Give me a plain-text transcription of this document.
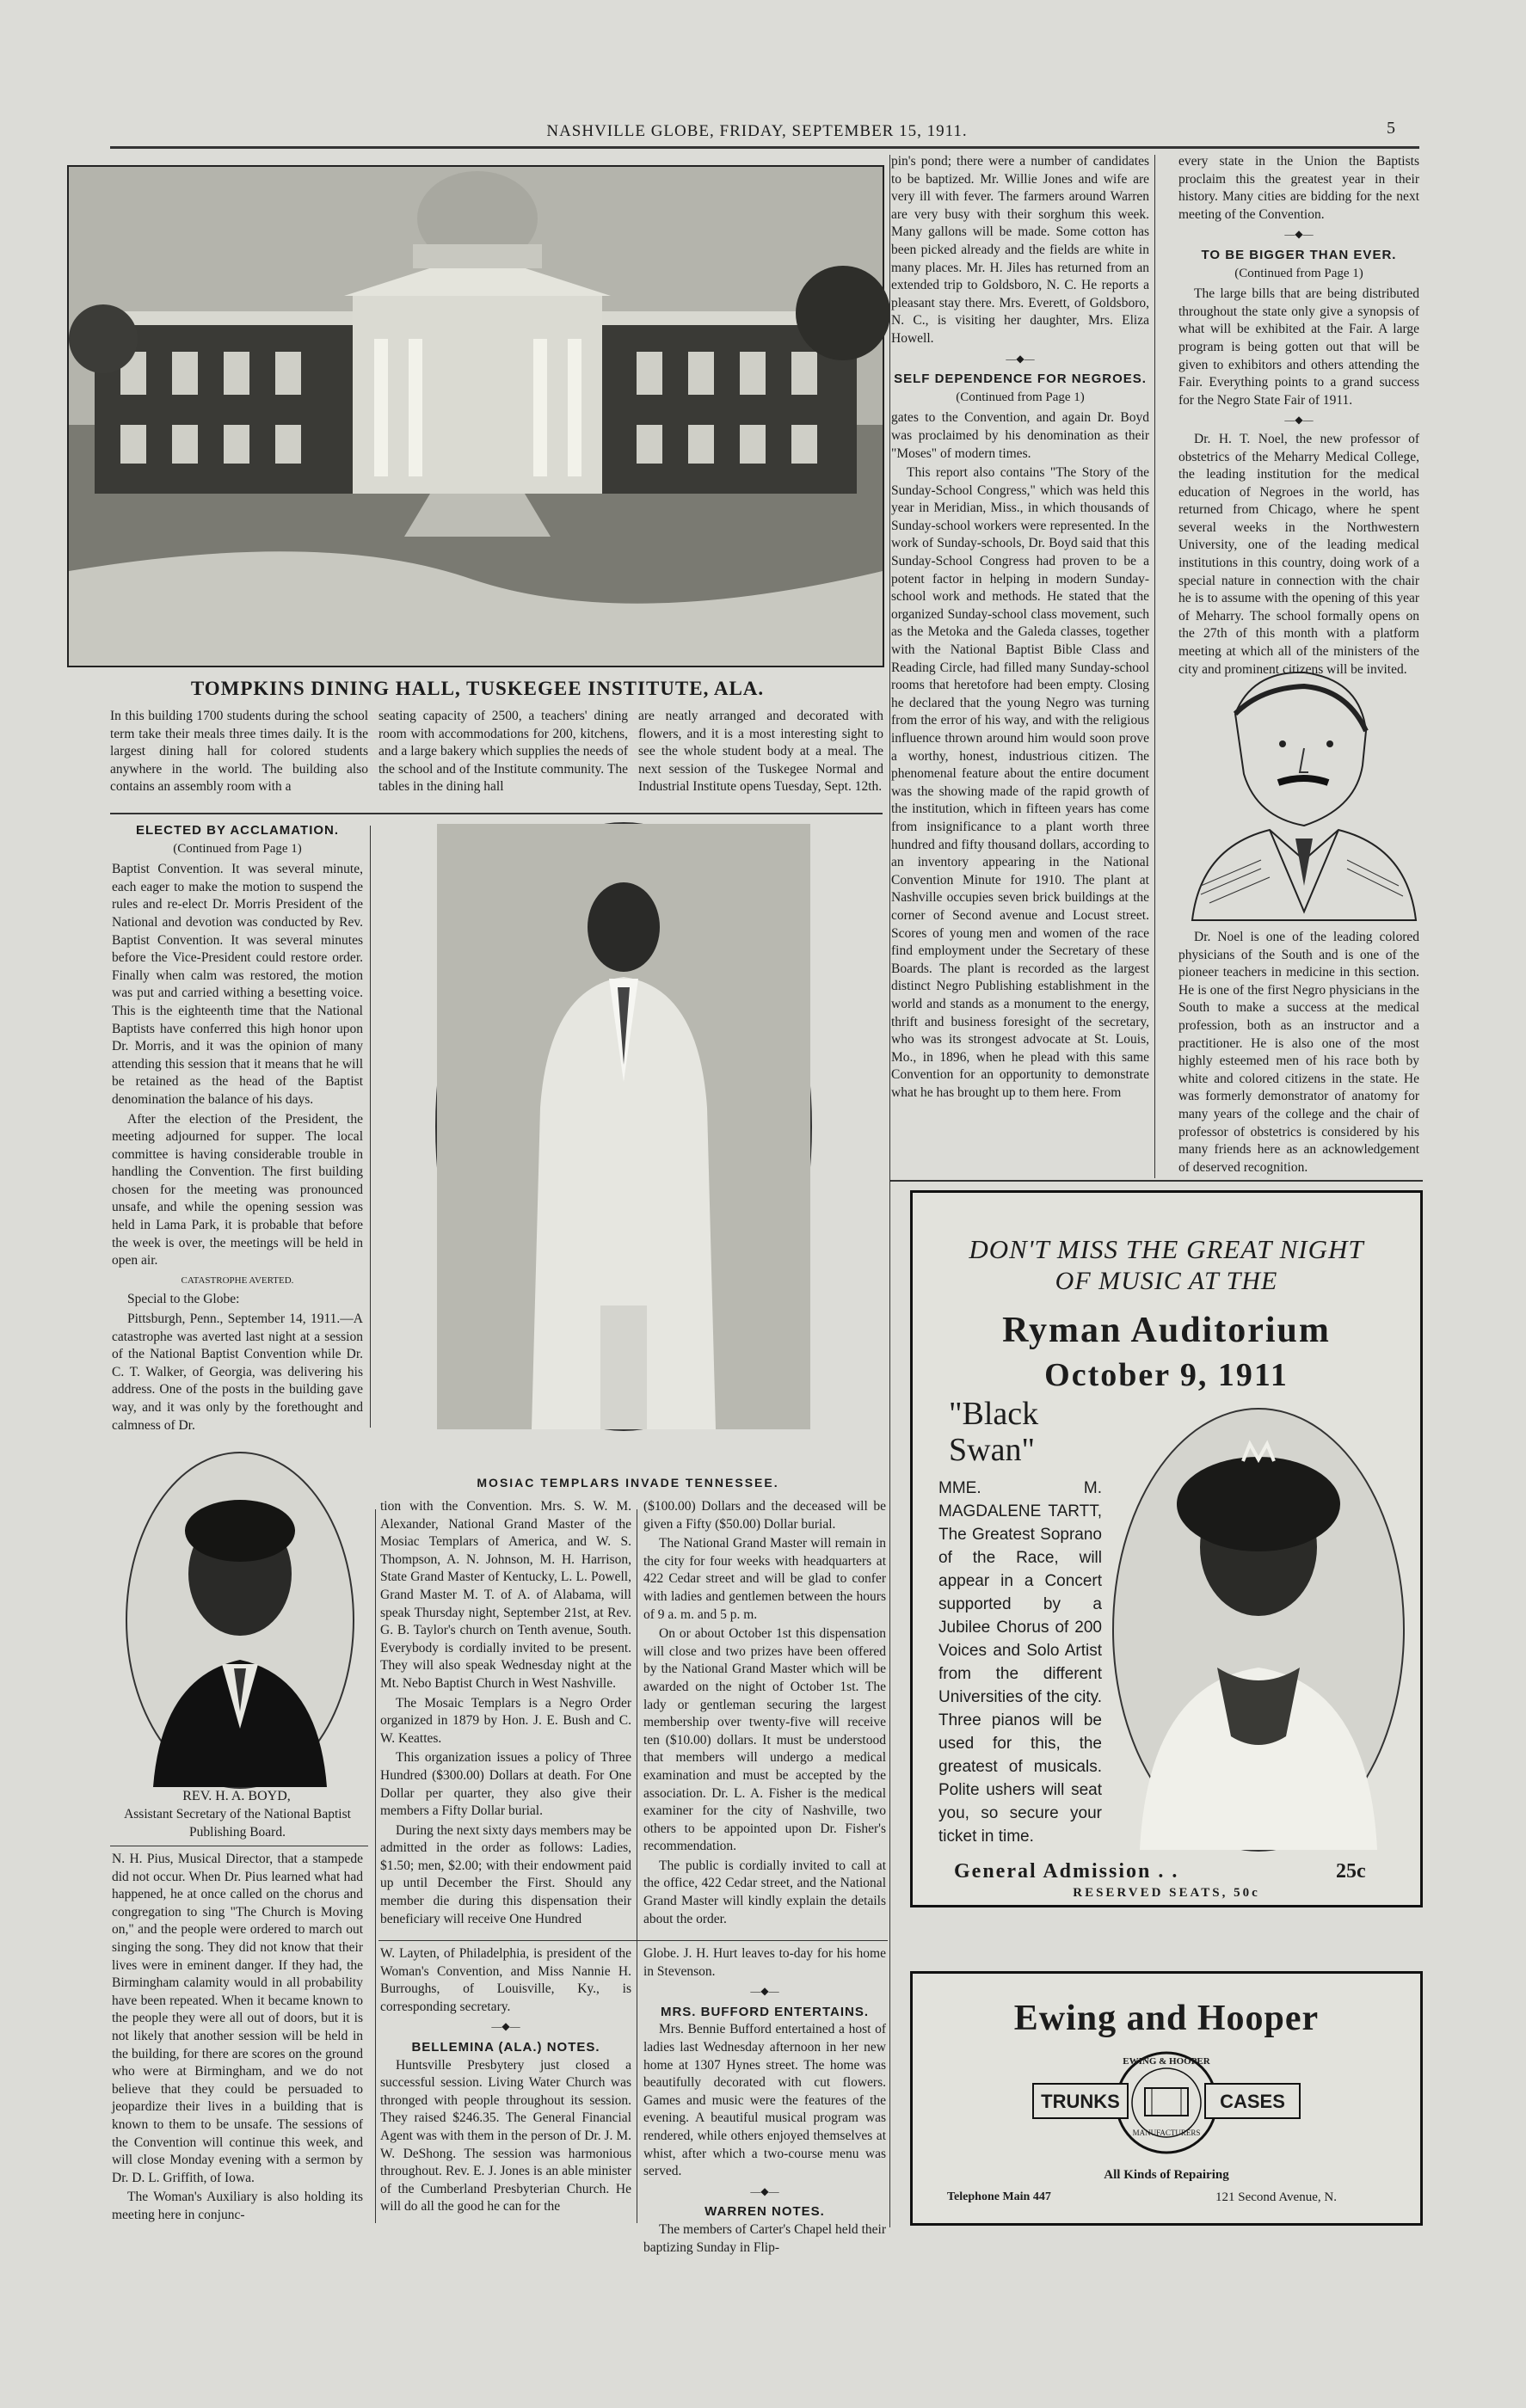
NASHVILLE GLOBE, FRIDAY, SEPTEMBER 15, 1911.	5
TOMPKINS DINING HALL, TUSKEGEE INSTITUTE, ALA.
In this building 1700 students during the school term take their meals three times daily. It is the largest dining hall for colored students anywhere in the world. The building also contains an assembly room with a
seating capacity of 2500, a teachers' dining room with accommodations for 200, kitchens, and a large bakery which supplies the needs of the school and of the Institute community. The tables in the dining hall
are neatly arranged and decorated with flowers, and it is a most interesting sight to see the whole student body at a meal. The next session of the Tuskegee Normal and Industrial Institute opens Tuesday, Sept. 12th.
ELECTED BY ACCLAMATION.
(Continued from Page 1)

Baptist Convention. It was several minute, each eager to make the motion to suspend the rules and re-elect Dr. Morris President of the National and devotion was conducted by Rev. Baptist Convention. It was several minutes before the Vice-President could restore order. Finally when calm was restored, the motion was put and carried withing a besetting voice. This is the eighteenth time that the National Baptists have conferred this high honor upon Dr. Morris, and it was the opinion of many attending this session that it means that he will be retained as the head of the Baptist denomination the balance of his days.

After the election of the President, the meeting adjourned for supper. The local committee is having considerable trouble in handling the Convention. The first building chosen for the meeting was pronounced unsafe, and while the opening session was held in Lama Park, it is probable that before the week is over, the meetings will be held in open air.

CATASTROPHE AVERTED.

Special to the Globe:

Pittsburgh, Penn., September 14, 1911.—A catastrophe was averted last night at a session of the National Baptist Convention while Dr. C. T. Walker, of Georgia, was delivering his address. One of the posts in the building gave way, and it was only by the forethought and calmness of Dr.

REV. H. A. BOYD,
Assistant Secretary of the National Baptist Publishing Board.

N. H. Pius, Musical Director, that a stampede did not occur. When Dr. Pius learned what had happened, he at once called on the chorus and congregation to sing "The Church is Moving on," and the people were ordered to march out singing the song. They did not know that their lives were in eminent danger. If they had, the Birmingham calamity would in all probability have been repeated. When it became known to the people they were all out of doors, but it is not likely that another session will be held in the building, for there are scores on the ground who were at Birmingham, and we do not believe that they could be persuaded to jeopardize their lives in a building that is known to them to be unsafe. The sessions of the Convention will continue this week, and will close Monday evening with a sermon by Dr. D. L. Griffith, of Iowa.

The Woman's Auxiliary is also holding its meeting here in conjunc-

MOSIAC TEMPLARS INVADE TENNESSEE.

tion with the Convention. Mrs. S. W. M. Alexander, National Grand Master of the Mosiac Templars of America, and W. S. Thompson, A. N. Johnson, M. H. Harrison, State Grand Master of Kentucky, L. L. Powell, Grand Master M. T. of A. of Alabama, will speak Thursday night, September 21st, at Rev. G. B. Taylor's church on Tenth avenue, South. Everybody is cordially invited to be present. They will also speak Wednesday night at the Mt. Nebo Baptist Church in West Nashville.

The Mosaic Templars is a Negro Order organized in 1879 by Hon. J. E. Bush and C. W. Keattes.

This organization issues a policy of Three Hundred ($300.00) Dollars at death. For One Dollar per quarter, they also give their members a Fifty Dollar burial.

During the next sixty days members may be admitted in the order as follows: Ladies, $1.50; men, $2.00; with their endowment paid up until December the First. Should any member die during this dispensation their beneficiary will receive One Hundred

($100.00) Dollars and the deceased will be given a Fifty ($50.00) Dollar burial.

The National Grand Master will remain in the city for four weeks with headquarters at 422 Cedar street and will be glad to confer with ladies and gentlemen between the hours of 9 a. m. and 5 p. m.

On or about October 1st this dispensation will close and two prizes have been offered by the National Grand Master which will be awarded on the night of October 1st. The lady or gentleman securing the largest membership over twenty-five will receive ten ($10.00) dollars. It must be understood that members will undergo a medical examination and must be accepted by the association. Dr. L. A. Fisher is the medical examiner for the city of Nashville, two others to be appointed upon Dr. Fisher's recommendation.

The public is cordially invited to call at the office, 422 Cedar street, and the National Grand Master will kindly explain the details about the order.

W. Layten, of Philadelphia, is president of the Woman's Convention, and Miss Nannie H. Burroughs, of Louisville, Ky., is corresponding secretary.

—◆—
BELLEMINA (ALA.) NOTES.

Huntsville Presbytery just closed a successful session. Living Water Church was thronged with people throughout its session. They raised $246.35. The General Financial Agent was with them in the person of Dr. J. M. W. DeShong. The session was harmonious throughout. Rev. E. J. Jones is an able minister of the Cumberland Presbyterian Church. He will do all the good he can for the

Globe. J. H. Hurt leaves to-day for his home in Stevenson.

—◆—
MRS. BUFFORD ENTERTAINS.

Mrs. Bennie Bufford entertained a host of ladies last Wednesday afternoon in her new home at 1307 Hynes street. The home was beautifully decorated with cut flowers. Games and music were the features of the evening. A beautiful musical program was rendered, while others enjoyed themselves at whist, after which a two-course menu was served.

—◆—
WARREN NOTES.

The members of Carter's Chapel held their baptizing Sunday in Flip-

pin's pond; there were a number of candidates to be baptized. Mr. Willie Jones and wife are very ill with fever. The farmers around Warren are very busy with their sorghum this week. Many gallons will be made. Some cotton has been picked already and the fields are white in many places. Mr. H. Jiles has returned from an extended trip to Goldsboro, N. C. He reports a pleasant stay there. Mrs. Everett, of Goldsboro, N. C., is visiting her daughter, Mrs. Eliza Howell.

—◆—
SELF DEPENDENCE FOR NEGROES.
(Continued from Page 1)

gates to the Convention, and again Dr. Boyd was proclaimed by his denomination as their "Moses" of modern times.

This report also contains "The Story of the Sunday-School Congress," which was held this year in Meridian, Miss., in which thousands of Sunday-school workers were represented. In the work of Sunday-schools, Dr. Boyd said that this Sunday-School Congress had proven to be a potent factor in helping in modern Sunday-school work and methods. He stated that the organized Sunday-school class movement, such as the Metoka and the Galeda classes, together with the National Baptist Bible Class and Reading Circle, had filled many Sunday-school rooms that heretofore had been empty. Closing he declared that the young Negro was turning from the error of his way, and with the religious influence thrown around him would soon prove a worthy, honest, industrious citizen. The phenomenal feature about the entire document was the showing made of the rapid growth of the institution, which in fifteen years has come from insignificance to a plant worth three hundred and fifty thousand dollars, according to an inventory appearing in the National Convention Minute for 1910. The plant at Nashville occupies seven brick buildings at the corner of Second avenue and Locust street. Scores of young men and women of the race find employment under the Secretary of these Boards. The plant is recorded as the largest distinct Negro Publishing establishment in the world and stands as a monument to the energy, thrift and business foresight of the secretary, who was its strongest advocate at St. Louis, Mo., in 1896, when he plead with this same Convention for an opportunity to demonstrate what he has brought up to them here. From

every state in the Union the Baptists proclaim this the greatest year in their history. Many cities are bidding for the next meeting of the Convention.

—◆—
TO BE BIGGER THAN EVER.
(Continued from Page 1)

The large bills that are being distributed throughout the state only give a synopsis of what will be exhibited at the Fair. A large program is being gotten out that will be given to exhibitors and others attending the Fair. Everything points to a grand success for the Negro State Fair of 1911.

—◆—

Dr. H. T. Noel, the new professor of obstetrics of the Meharry Medical College, the leading institution for the medical education of Negroes in the world, has returned from Chicago, where he spent several weeks in the Northwestern University, one of the leading medical institutions in this country, doing work of a special nature in connection with the chair he is to assume with the opening of this year of Meharry. The school formally opens on the 27th of this month with a platform meeting at which all of the ministers of the city and prominent citizens will be invited.

Dr. Noel is one of the leading colored physicians of the South and is one of the pioneer teachers in medicine in this section. He is one of the first Negro physicians in the South to make a success at the medical profession, both as an instructor and a practitioner. He is also one of the most highly esteemed men of his race both by white and colored citizens in the state. He was formerly demonstrator of anatomy for many years of the college and the chair of professor of obstetrics is considered by his many friends here as an acknowledgement of deserved recognition.

DON'T MISS THE GREAT NIGHT
OF MUSIC AT THE
Ryman Auditorium
October 9, 1911
"Black Swan"
MME. M. MAGDALENE TARTT, The Greatest Soprano of the Race, will appear in a Concert supported by a Jubilee Chorus of 200 Voices and Solo Artist from the different Universities of the city. Three pianos will be used for this, the greatest of musicals. Polite ushers will seat you, so secure your ticket in time.
General Admission . .	25c
RESERVED SEATS, 50c
Ewing and Hooper
EWING & HOOPER
TRUNKS	CASES
MANUFACTURERS
All Kinds of Repairing
Telephone Main 447	121 Second Avenue, N.
